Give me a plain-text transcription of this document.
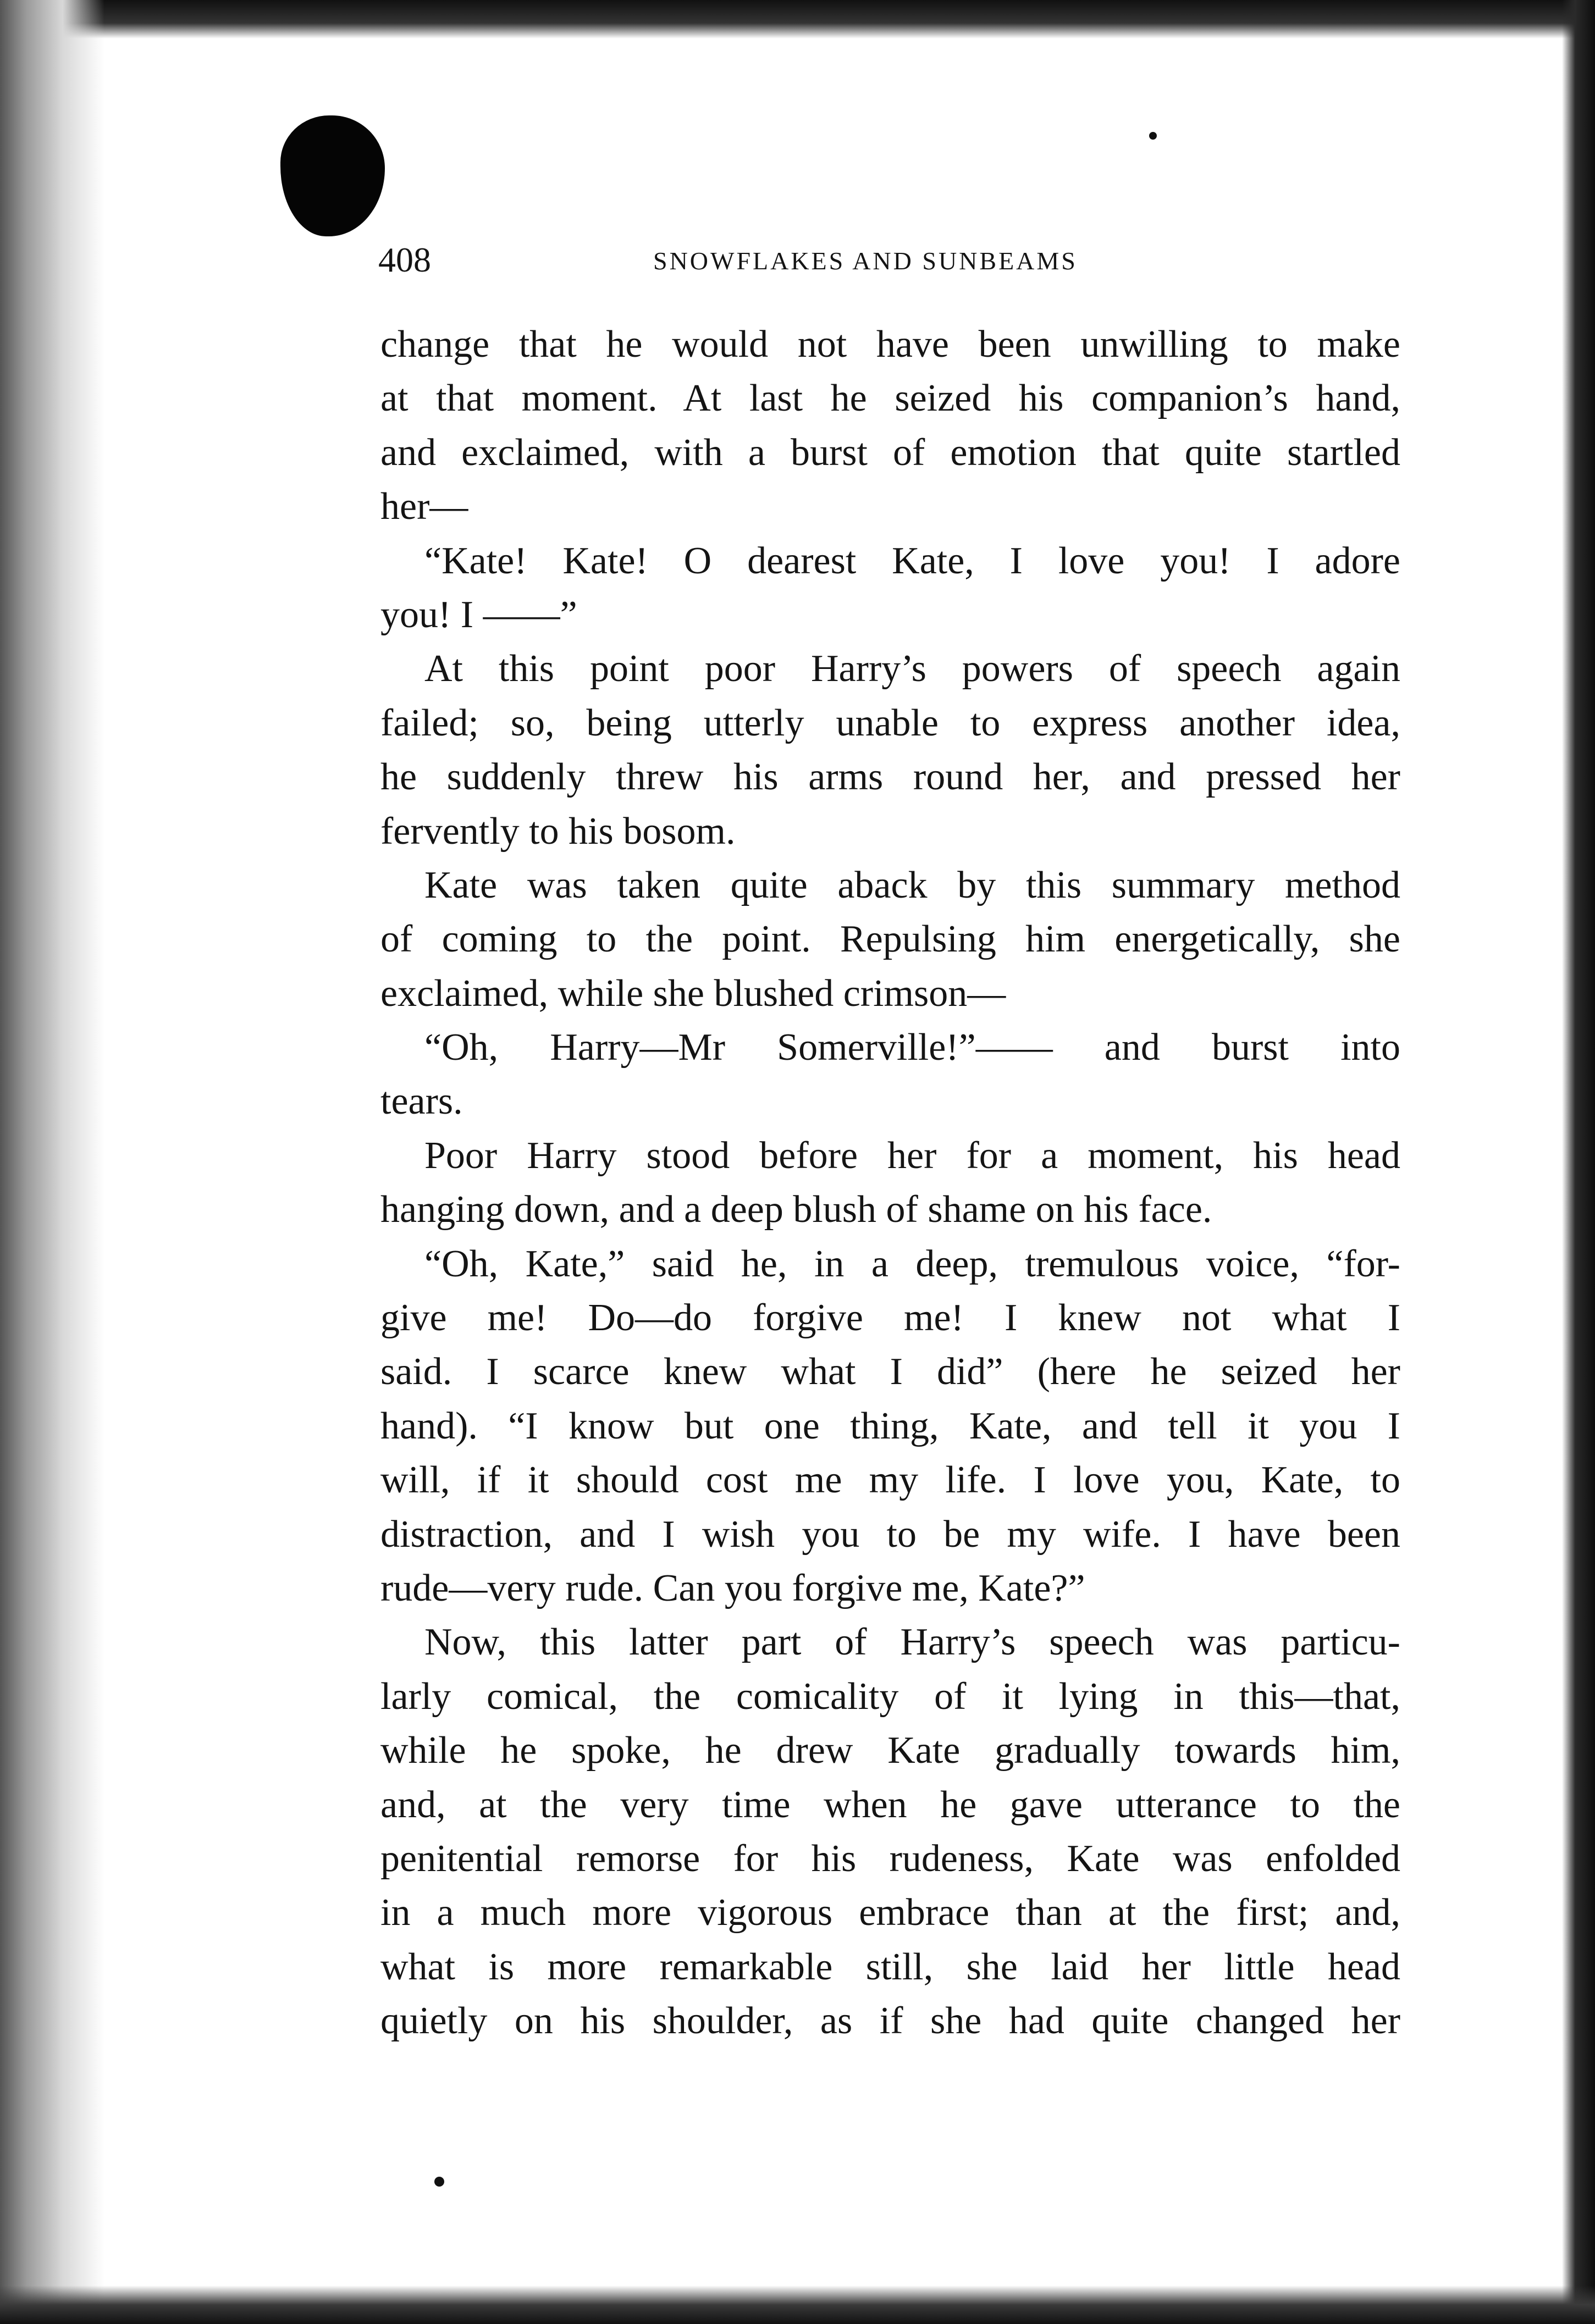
408	SNOWFLAKES AND SUNBEAMS
change that he would not have been unwilling to make
at that moment. At last he seized his companion’s hand,
and exclaimed, with a burst of emotion that quite startled
her—
“Kate! Kate! O dearest Kate, I love you! I adore
you! I ——”
At this point poor Harry’s powers of speech again
failed; so, being utterly unable to express another idea,
he suddenly threw his arms round her, and pressed her
fervently to his bosom.
Kate was taken quite aback by this summary method
of coming to the point. Repulsing him energetically, she
exclaimed, while she blushed crimson—
“Oh, Harry—Mr Somerville!”—— and burst into
tears.
Poor Harry stood before her for a moment, his head
hanging down, and a deep blush of shame on his face.
“Oh, Kate,” said he, in a deep, tremulous voice, “for-
give me! Do—do forgive me! I knew not what I
said. I scarce knew what I did” (here he seized her
hand). “I know but one thing, Kate, and tell it you I
will, if it should cost me my life. I love you, Kate, to
distraction, and I wish you to be my wife. I have been
rude—very rude. Can you forgive me, Kate?”
Now, this latter part of Harry’s speech was particu-
larly comical, the comicality of it lying in this—that,
while he spoke, he drew Kate gradually towards him,
and, at the very time when he gave utterance to the
penitential remorse for his rudeness, Kate was enfolded
in a much more vigorous embrace than at the first; and,
what is more remarkable still, she laid her little head
quietly on his shoulder, as if she had quite changed her
